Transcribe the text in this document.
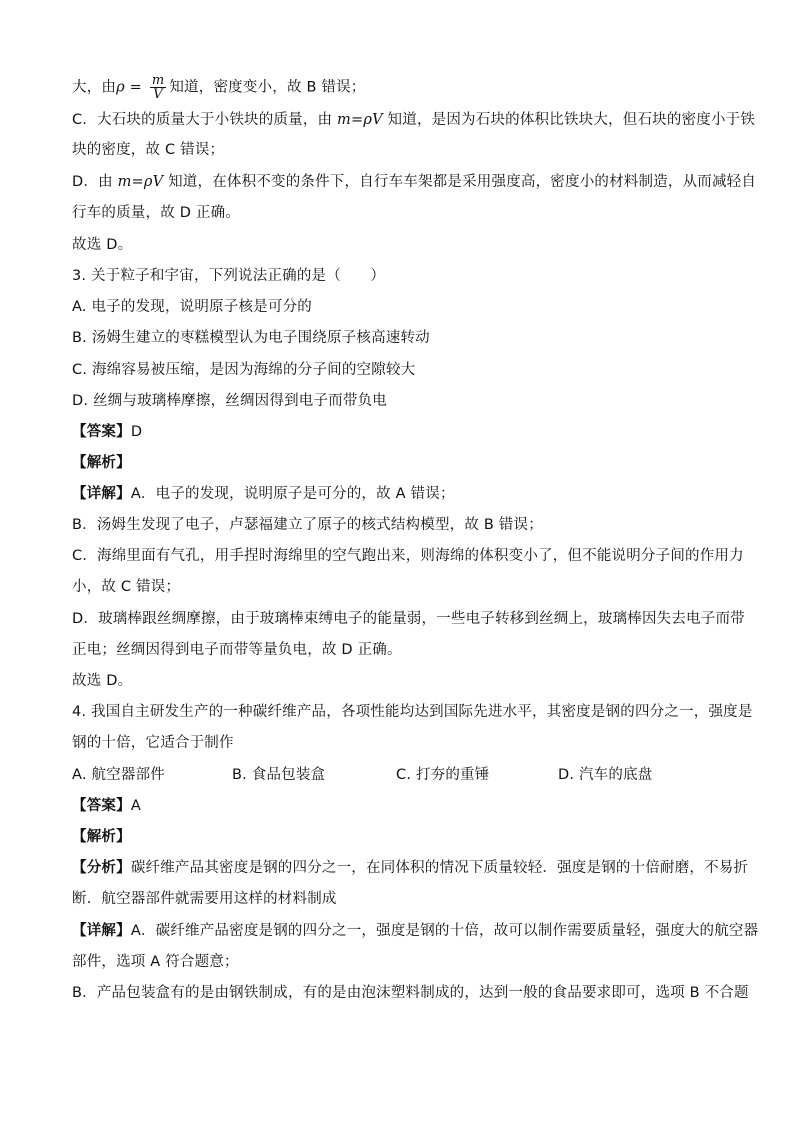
大，由$\rho = \frac{m}{V}$ 知道，密度变小，故 B 错误；
C．大石块的质量大于小铁块的质量，由 m=ρV 知道，是因为石块的体积比铁块大，但石块的密度小于铁
块的密度，故 C 错误；
D．由 m=ρV 知道，在体积不变的条件下，自行车车架都是采用强度高，密度小的材料制造，从而减轻自
行车的质量，故 D 正确。
故选 D。
3. 关于粒子和宇宙，下列说法正确的是（　　）
A. 电子的发现，说明原子核是可分的
B. 汤姆生建立的枣糕模型认为电子围绕原子核高速转动
C. 海绵容易被压缩，是因为海绵的分子间的空隙较大
D. 丝绸与玻璃棒摩擦，丝绸因得到电子而带负电
【答案】D
【解析】
【详解】A．电子的发现，说明原子是可分的，故 A 错误；
B．汤姆生发现了电子，卢瑟福建立了原子的核式结构模型，故 B 错误；
C．海绵里面有气孔，用手捏时海绵里的空气跑出来，则海绵的体积变小了，但不能说明分子间的作用力
小，故 C 错误；
D．玻璃棒跟丝绸摩擦，由于玻璃棒束缚电子的能量弱，一些电子转移到丝绸上，玻璃棒因失去电子而带
正电；丝绸因得到电子而带等量负电，故 D 正确。
故选 D。
4. 我国自主研发生产的一种碳纤维产品，各项性能均达到国际先进水平，其密度是钢的四分之一，强度是
钢的十倍，它适合于制作
A. 航空器部件	B. 食品包装盒	C. 打夯的重锤	D. 汽车的底盘
【答案】A
【解析】
【分析】碳纤维产品其密度是钢的四分之一，在同体积的情况下质量较轻．强度是钢的十倍耐磨，不易折
断．航空器部件就需要用这样的材料制成
【详解】A．碳纤维产品密度是钢的四分之一，强度是钢的十倍，故可以制作需要质量轻，强度大的航空器
部件，选项 A 符合题意；
B．产品包装盒有的是由钢铁制成，有的是由泡沫塑料制成的，达到一般的食品要求即可，选项 B 不合题
